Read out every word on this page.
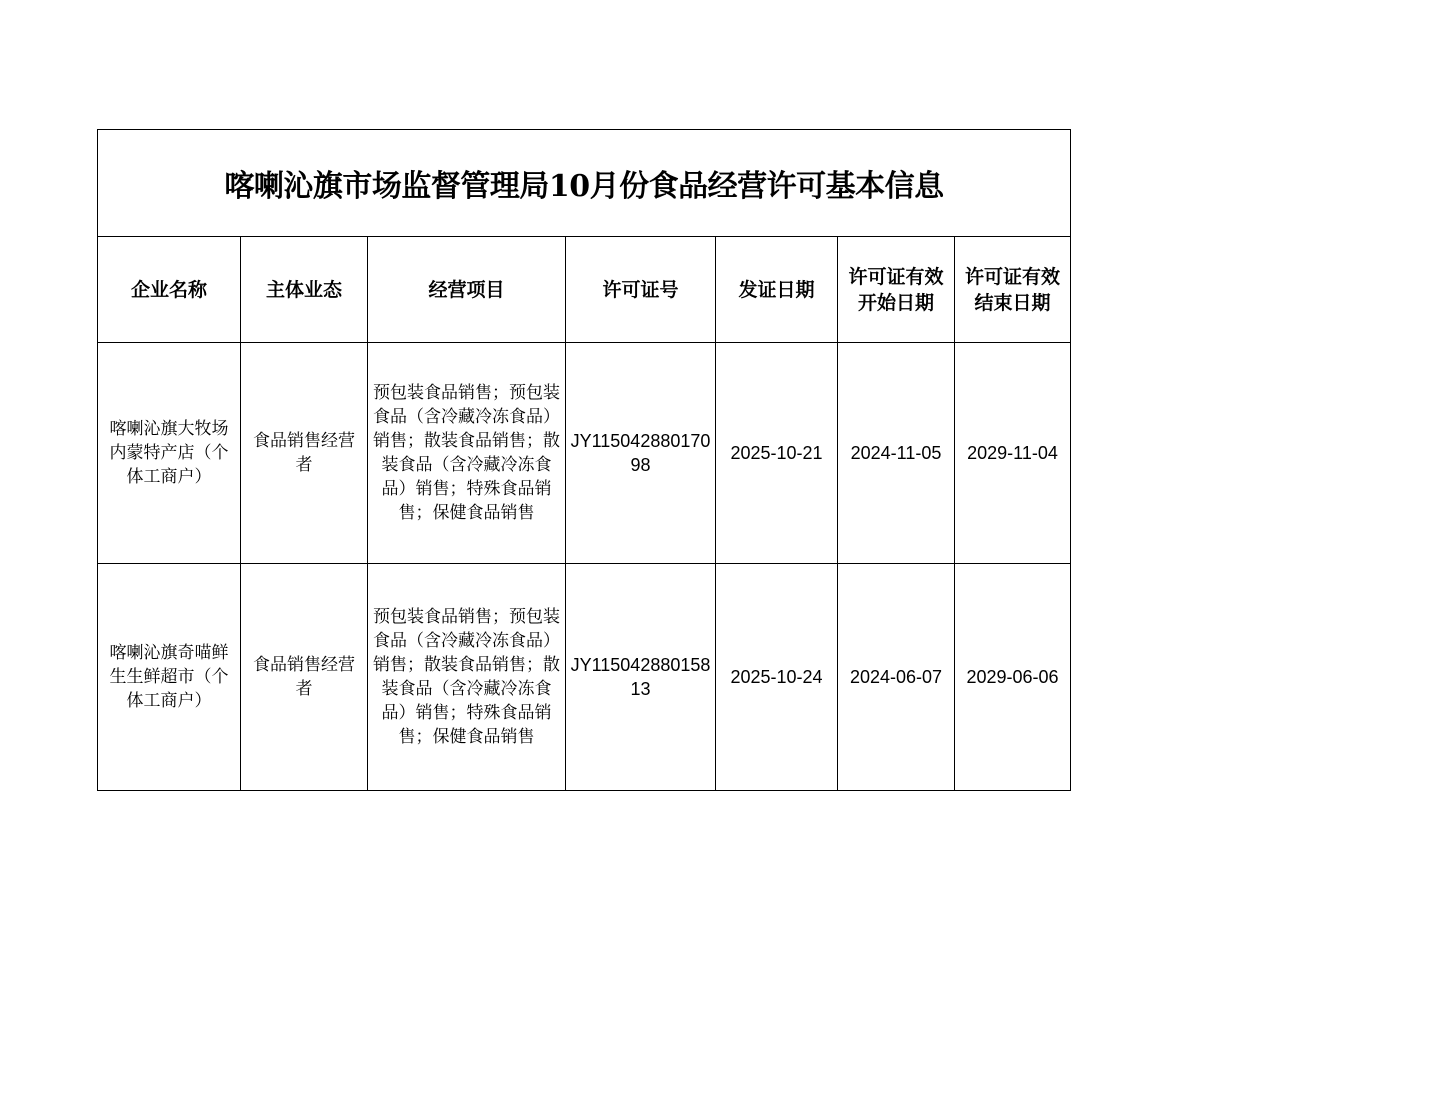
喀喇沁旗市场监督管理局10月份食品经营许可基本信息						
企业名称	主体业态	经营项目	许可证号	发证日期	许可证有效开始日期	许可证有效结束日期
喀喇沁旗大牧场内蒙特产店（个体工商户）	食品销售经营者	预包装食品销售；预包装食品（含冷藏冷冻食品）销售；散装食品销售；散装食品（含冷藏冷冻食品）销售；特殊食品销售；保健食品销售	JY11504288017098	2025-10-21	2024-11-05	2029-11-04
喀喇沁旗奇喵鲜生生鲜超市（个体工商户）	食品销售经营者	预包装食品销售；预包装食品（含冷藏冷冻食品）销售；散装食品销售；散装食品（含冷藏冷冻食品）销售；特殊食品销售；保健食品销售	JY11504288015813	2025-10-24	2024-06-07	2029-06-06
